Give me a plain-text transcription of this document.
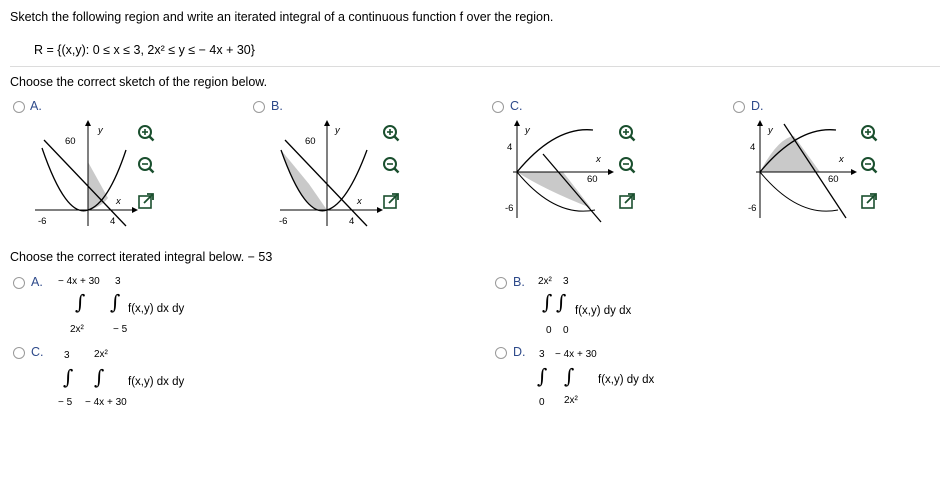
Sketch the following region and write an iterated integral of a continuous function f over the region.
R = {(x,y): 0 ≤ x ≤ 3, 2x² ≤ y ≤ − 4x + 30}
Choose the correct sketch of the region below.
A.	B.	C.	D.
y
60
x
-6	4
y
60
x
-6	4
y
4
-6
x
60
y
4
-6
x
60
Choose the correct iterated integral below. − 53
A. − 4x + 30 3
∫ ∫ f(x,y) dx dy
2x²	− 5
B. 2x² 3
∫ ∫ f(x,y) dy dx
0 0
C. 3 2x²
∫ ∫ f(x,y) dx dy
− 5 − 4x + 30
D. 3 − 4x + 30
∫ ∫ f(x,y) dy dx
0 2x²
